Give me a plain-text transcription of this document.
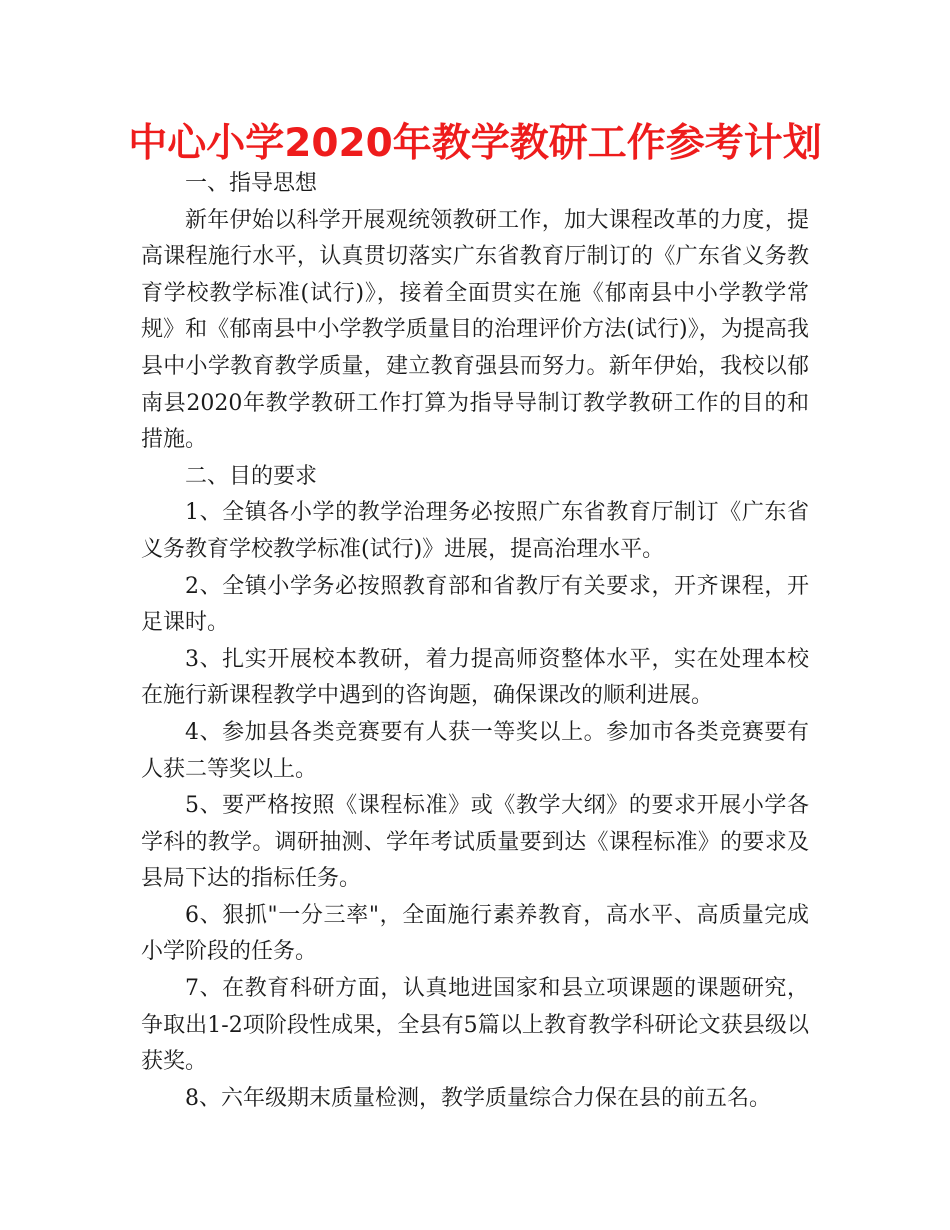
中心小学2020年教学教研工作参考计划

一、指导思想

新年伊始以科学开展观统领教研工作，加大课程改革的力度，提高课程施行水平，认真贯切落实广东省教育厅制订的《广东省义务教育学校教学标准(试行)》，接着全面贯实在施《郁南县中小学教学常规》和《郁南县中小学教学质量目的治理评价方法(试行)》，为提高我县中小学教育教学质量，建立教育强县而努力。新年伊始，我校以郁南县2020年教学教研工作打算为指导导制订教学教研工作的目的和措施。

二、目的要求

1、全镇各小学的教学治理务必按照广东省教育厅制订《广东省义务教育学校教学标准(试行)》进展，提高治理水平。

2、全镇小学务必按照教育部和省教厅有关要求，开齐课程，开足课时。

3、扎实开展校本教研，着力提高师资整体水平，实在处理本校在施行新课程教学中遇到的咨询题，确保课改的顺利进展。

4、参加县各类竞赛要有人获一等奖以上。参加市各类竞赛要有人获二等奖以上。

5、要严格按照《课程标准》或《教学大纲》的要求开展小学各学科的教学。调研抽测、学年考试质量要到达《课程标准》的要求及县局下达的指标任务。

6、狠抓"一分三率"，全面施行素养教育，高水平、高质量完成小学阶段的任务。

7、在教育科研方面，认真地进国家和县立项课题的课题研究，争取出1-2项阶段性成果，全县有5篇以上教育教学科研论文获县级以获奖。

8、六年级期末质量检测，教学质量综合力保在县的前五名。
